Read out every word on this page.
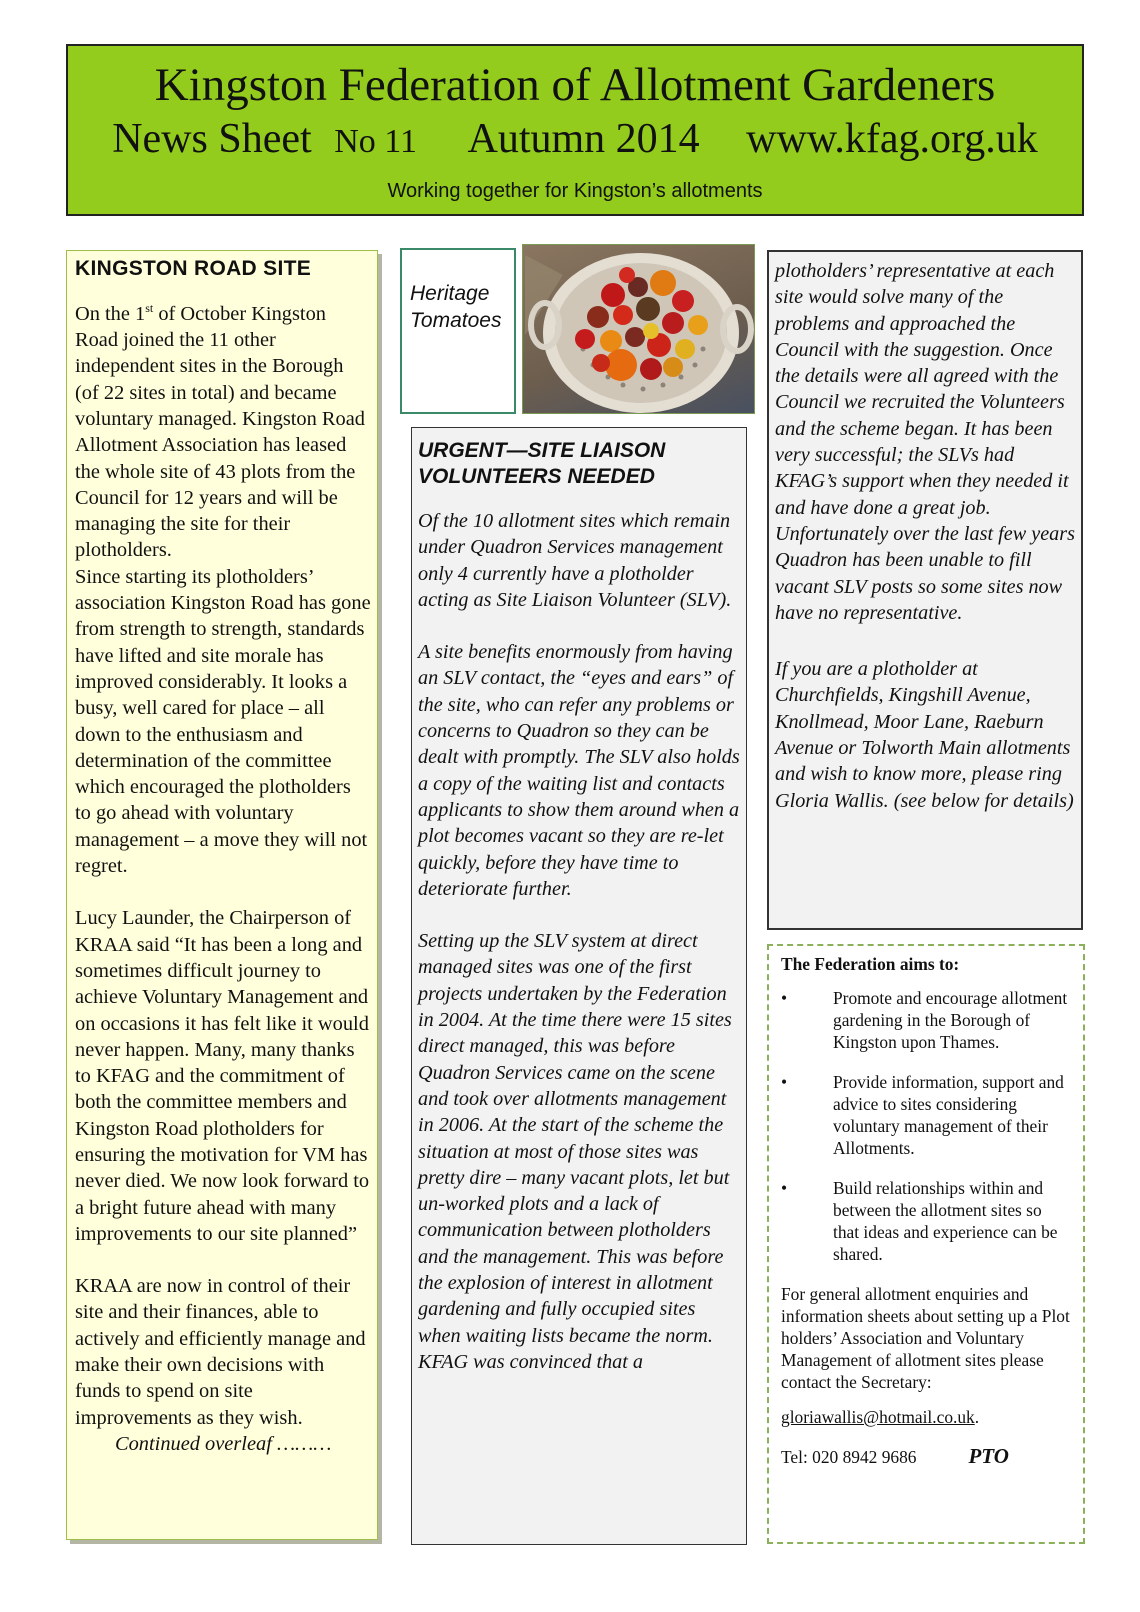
Kingston Federation of Allotment Gardeners
News Sheet No 11 Autumn 2014 www.kfag.org.uk
Working together for Kingston’s allotments
KINGSTON ROAD SITE

On the 1st of October Kingston Road joined the 11 other independent sites in the Borough (of 22 sites in total) and became voluntary managed. Kingston Road Allotment Association has leased the whole site of 43 plots from the Council for 12 years and will be managing the site for their plotholders.

Since starting its plotholders’ association Kingston Road has gone from strength to strength, standards have lifted and site morale has improved considerably. It looks a busy, well cared for place – all down to the enthusiasm and determination of the committee which encouraged the plotholders to go ahead with voluntary management – a move they will not regret.

Lucy Launder, the Chairperson of KRAA said “It has been a long and sometimes difficult journey to achieve Voluntary Management and on occasions it has felt like it would never happen. Many, many thanks to KFAG and the commitment of both the committee members and Kingston Road plotholders for ensuring the motivation for VM has never died. We now look forward to a bright future ahead with many improvements to our site planned”

KRAA are now in control of their site and their finances, able to actively and efficiently manage and make their own decisions with funds to spend on site improvements as they wish.

Continued overleaf ………

Heritage Tomatoes
URGENT—SITE LIAISON VOLUNTEERS NEEDED

Of the 10 allotment sites which remain under Quadron Services management only 4 currently have a plotholder acting as Site Liaison Volunteer (SLV).

A site benefits enormously from having an SLV contact, the “eyes and ears” of the site, who can refer any problems or concerns to Quadron so they can be dealt with promptly. The SLV also holds a copy of the waiting list and contacts applicants to show them around when a plot becomes vacant so they are re-let quickly, before they have time to deteriorate further.

Setting up the SLV system at direct managed sites was one of the first projects undertaken by the Federation in 2004. At the time there were 15 sites direct managed, this was before Quadron Services came on the scene and took over allotments management in 2006. At the start of the scheme the situation at most of those sites was pretty dire – many vacant plots, let but un-worked plots and a lack of communication between plotholders and the management. This was before the explosion of interest in allotment gardening and fully occupied sites when waiting lists became the norm.

KFAG was convinced that a

plotholders’ representative at each site would solve many of the problems and approached the Council with the suggestion. Once the details were all agreed with the Council we recruited the Volunteers and the scheme began. It has been very successful; the SLVs had KFAG’s support when they needed it and have done a great job. Unfortunately over the last few years Quadron has been unable to fill vacant SLV posts so some sites now have no representative.

If you are a plotholder at Churchfields, Kingshill Avenue, Knollmead, Moor Lane, Raeburn Avenue or Tolworth Main allotments and wish to know more, please ring Gloria Wallis. (see below for details)

The Federation aims to:
•	Promote and encourage allotment gardening in the Borough of Kingston upon Thames.
•	Provide information, support and advice to sites considering voluntary management of their Allotments.
•	Build relationships within and between the allotment sites so that ideas and experience can be shared.

For general allotment enquiries and information sheets about setting up a Plot holders’ Association and Voluntary Management of allotment sites please contact the Secretary:

gloriawallis@hotmail.co.uk.

Tel: 020 8942 9686 PTO
